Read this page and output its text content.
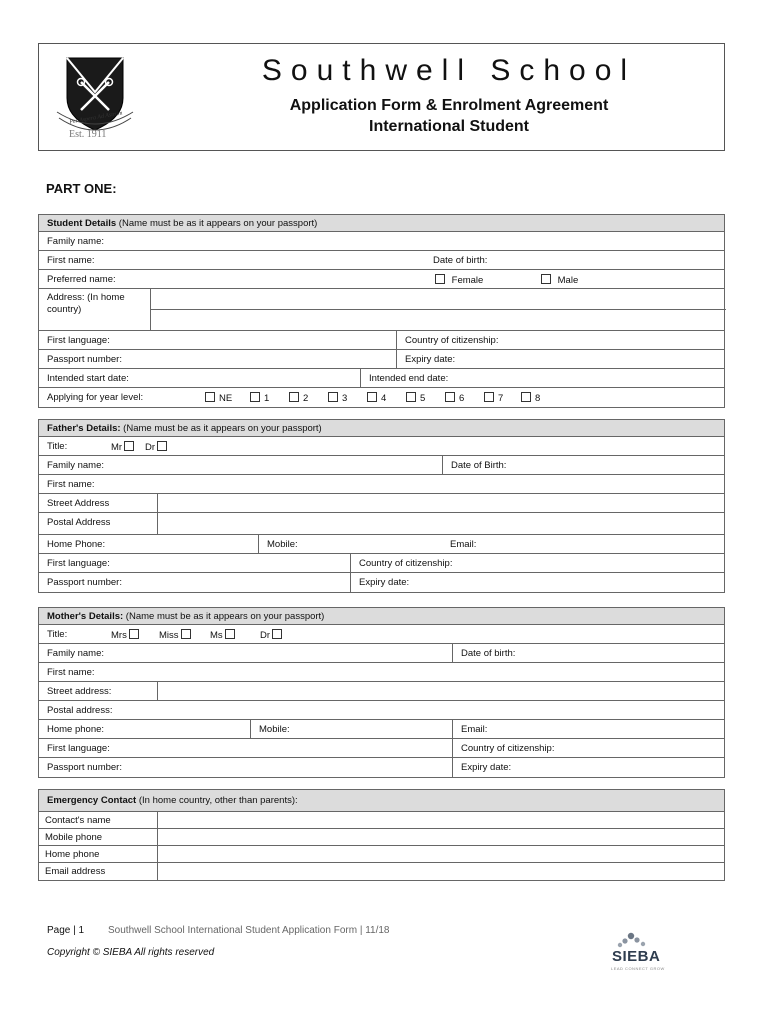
Per Aspera Ad Astrum
Est. 1911
Southwell School
Application Form & Enrolment Agreement
International Student
PART ONE:
Student Details (Name must be as it appears on your passport)
Family name:
First name:	Date of birth:
Preferred name:	Female	Male
Address: (In home country)
First language:	Country of citizenship:
Passport number:	Expiry date:
Intended start date:	Intended end date:
Applying for year level:	NE	1	2	3	4	5	6	7	8
Father's Details: (Name must be as it appears on your passport)
Title:	Mr	Dr
Family name:	Date of Birth:
First name:
Street Address
Postal Address
Home Phone:	Mobile:	Email:
First language:	Country of citizenship:
Passport number:	Expiry date:
Mother's Details: (Name must be as it appears on your passport)
Title:	Mrs	Miss	Ms	Dr
Family name:	Date of birth:
First name:
Street address:
Postal address:
Home phone:	Mobile:	Email:
First language:	Country of citizenship:
Passport number:	Expiry date:
Emergency Contact (In home country, other than parents):
Contact's name
Mobile phone
Home phone
Email address
Page | 1 Southwell School International Student Application Form | 11/18
Copyright © SIEBA All rights reserved	SIEBA
LEAD CONNECT GROW
